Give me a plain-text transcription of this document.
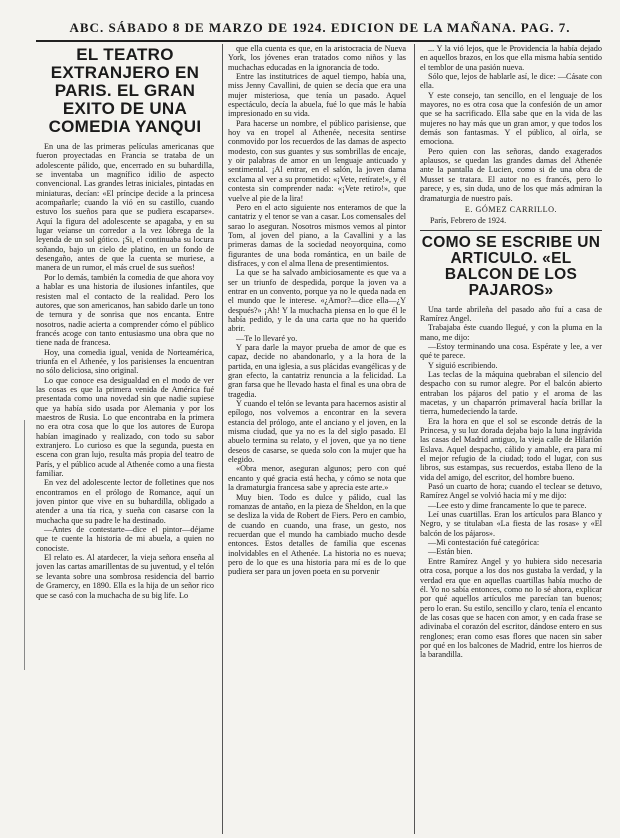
ABC. SÁBADO 8 DE MARZO DE 1924. EDICION DE LA MAÑANA. PAG. 7.
EL TEATRO EXTRANJERO EN PARIS. EL GRAN EXITO DE UNA COMEDIA YANQUI

En una de las primeras películas americanas que fueron proyectadas en Francia se trataba de un adolescente pálido, que, encerrado en su buhardilla, se inventaba un magnífico idilio de aspecto convencional. Las grandes letras iniciales, pintadas en miniaturas, decían: «El príncipe decide a la princesa acompañarle; cuando la vió en su castillo, cuando estuvo los sueños para que se pudiera escaparse». Aquí la figura del adolescente se apagaba, y en su lugar veíanse un corredor a la vez lóbrega de la leyenda de un sol gótico. ¡Si, el continuaba su locura soñando, bajo un cielo de platino, en un fondo de desengaño, antes de que la cuenta se muriese, a manera de un rumor, el más cruel de sus sueños!

Por lo demás, también la comedia de que ahora voy a hablar es una historia de ilusiones infantiles, que resisten mal el contacto de la realidad. Pero los autores, que son americanos, han sabido darle un tono de ternura y de sonrisa que nos encanta. Entre nosotros, nadie acierta a comprender cómo el público francés acoge con tanto entusiasmo una obra que no tiene nada de francesa.

Hoy, una comedia igual, venida de Norteamérica, triunfa en el Athenée, y los parisienses la encuentran no sólo deliciosa, sino original.

Lo que conoce esa desigualdad en el modo de ver las cosas es que la primera venida de América fué presentada como una novedad sin que nadie supiese que ya había sido usada por Alemania y por los maestros de Rusia. Lo que encontraba en la primera no era otra cosa que lo que los autores de Europa habían imaginado y realizado, con todo su sabor extranjero. Lo curioso es que la segunda, puesta en escena con gran lujo, resulta más propia del teatro de París, y el público acude al Athenée como a una fiesta familiar.

En vez del adolescente lector de folletines que nos encontramos en el prólogo de Romance, aquí un joven pintor que vive en su buhardilla, obligado a atender a una tía rica, y sueña con casarse con la muchacha que su padre le ha destinado.

—Antes de contestarte—dice el pintor—déjame que te cuente la historia de mi abuela, a quien no conociste.

El relato es. Al atardecer, la vieja señora enseña al joven las cartas amarillentas de su juventud, y el telón se levanta sobre una sombrosa residencia del barrio de Gramercy, en 1890. Ella es la hija de un señor rico que se casó con la muchacha de su big life. Lo

que ella cuenta es que, en la aristocracia de Nueva York, los jóvenes eran tratados como niños y las muchachas educadas en la ignorancia de todo.

Entre las institutrices de aquel tiempo, había una, miss Jenny Cavallini, de quien se decía que era una mujer misteriosa, que tenía un pasado. Aquel espectáculo, decía la abuela, fué lo que más le había impresionado en su vida.

Para hacerse un nombre, el público parisiense, que hoy va en tropel al Athenée, necesita sentirse conmovido por los recuerdos de las damas de aspecto modesto, con sus guantes y sus sombrillas de encaje, y oir palabras de amor en un lenguaje anticuado y sentimental. ¡Al entrar, en el salón, la joven dama exclama al ver a su prometido: «¡Vete, retírate!», y él contesta sin comprender nada: «¡Vete retiro!», que vuelve al pie de la lira!

Pero en el acto siguiente nos enteramos de que la cantatriz y el tenor se van a casar. Los comensales del sarao lo aseguran. Nosotros mismos vemos al pintor Tom, al joven del piano, a la Cavallini y a las primeras damas de la sociedad neoyorquina, como figurantes de una boda romántica, en un baile de disfraces, y con el alma llena de presentimientos.

La que se ha salvado ambiciosamente es que va a ser un triunfo de despedida, porque la joven va a entrar en un convento, porque ya no le queda nada en el mundo que le interese. «¿Amor?—dice ella—¿Y después?» ¡Ah! Y la muchacha piensa en lo que él le había pedido, y le da una carta que no ha querido abrir.

—Te lo llevaré yo.

Y para darle la mayor prueba de amor de que es capaz, decide no abandonarlo, y a la hora de la partida, en una iglesia, a sus plácidas evangélicas y de gran efecto, la cantatriz renuncia a la felicidad. La gran farsa que he llevado hasta el final es una obra de tragedia.

Y cuando el telón se levanta para hacernos asistir al epílogo, nos volvemos a encontrar en la severa estancia del prólogo, ante el anciano y el joven, en la misma ciudad, que ya no es la del siglo pasado. El abuelo termina su relato, y el joven, que ya no tiene deseos de casarse, se queda solo con la mujer que ha elegido.

«Obra menor, aseguran algunos; pero con qué encanto y qué gracia está hecha, y cómo se nota que la dramaturgia francesa sabe y aprecia este arte.»

Muy bien. Todo es dulce y pálido, cual las romanzas de antaño, en la pieza de Sheldon, en la que se desliza la vida de Robert de Fiers. Pero en cambio, de cuando en cuando, una frase, un gesto, nos recuerdan que el mundo ha cambiado mucho desde entonces. Estos detalles de familia que escenas inolvidables en el Athenée. La historia no es nueva; pero de lo que es una historia para mí es de lo que pudiera ser para un joven poeta en su porvenir

... Y la vió lejos, que le Providencia la había dejado en aquellos brazos, en los que ella misma había sentido el temblor de una pasión nueva.

Sólo que, lejos de hablarle así, le dice: —Cásate con ella.

Y este consejo, tan sencillo, en el lenguaje de los mayores, no es otra cosa que la confesión de un amor que se ha sacrificado. Ella sabe que en la vida de las mujeres no hay más que un gran amor, y que todos los demás son fantasmas. Y el público, al oírla, se emociona.

Pero quien con las señoras, dando exagerados aplausos, se quedan las grandes damas del Athenée ante la pantalla de Lucien, como si de una obra de Musset se tratara. El autor no es francés, pero lo parece, y es, sin duda, uno de los que más admiran la dramaturgia de nuestro país.

E. GÓMEZ CARRILLO.

París, Febrero de 1924.

COMO SE ESCRIBE UN ARTICULO. «EL BALCON DE LOS PAJAROS»

Una tarde abrileña del pasado año fuí a casa de Ramírez Angel.

Trabajaba éste cuando llegué, y con la pluma en la mano, me dijo:

—Estoy terminando una cosa. Espérate y lee, a ver qué te parece.

Y siguió escribiendo.

Las teclas de la máquina quebraban el silencio del despacho con su rumor alegre. Por el balcón abierto entraban los pájaros del patio y el aroma de las macetas, y un chaparrón primaveral hacía brillar la tierra, humedeciendo la tarde.

Era la hora en que el sol se esconde detrás de la Princesa, y su luz dorada dejaba bajo la luna ingrávida las casas del Madrid antiguo, la vieja calle de Hilarión Eslava. Aquel despacho, cálido y amable, era para mí el mejor refugio de la ciudad; todo el lugar, con sus libros, sus estampas, sus recuerdos, estaba lleno de la vida del amigo, del escritor, del hombre bueno.

Pasó un cuarto de hora; cuando el teclear se detuvo, Ramírez Angel se volvió hacia mí y me dijo:

—Lee esto y dime francamente lo que te parece.

Leí unas cuartillas. Eran los artículos para Blanco y Negro, y se titulaban «La fiesta de las rosas» y «El balcón de los pájaros».

—Mi contestación fué categórica:

—Están bien.

Entre Ramírez Angel y yo hubiera sido necesaria otra cosa, porque a los dos nos gustaba la verdad, y la verdad era que en aquellas cuartillas había mucho de él. Yo no sabía entonces, como no lo sé ahora, explicar por qué aquellos artículos me parecían tan buenos; pero lo eran. Su estilo, sencillo y claro, tenía el encanto de las cosas que se hacen con amor, y en cada frase se adivinaba el corazón del escritor, dándose entero en sus renglones; eran como esas flores que nacen sin saber por qué en los balcones de Madrid, entre los hierros de la barandilla.
